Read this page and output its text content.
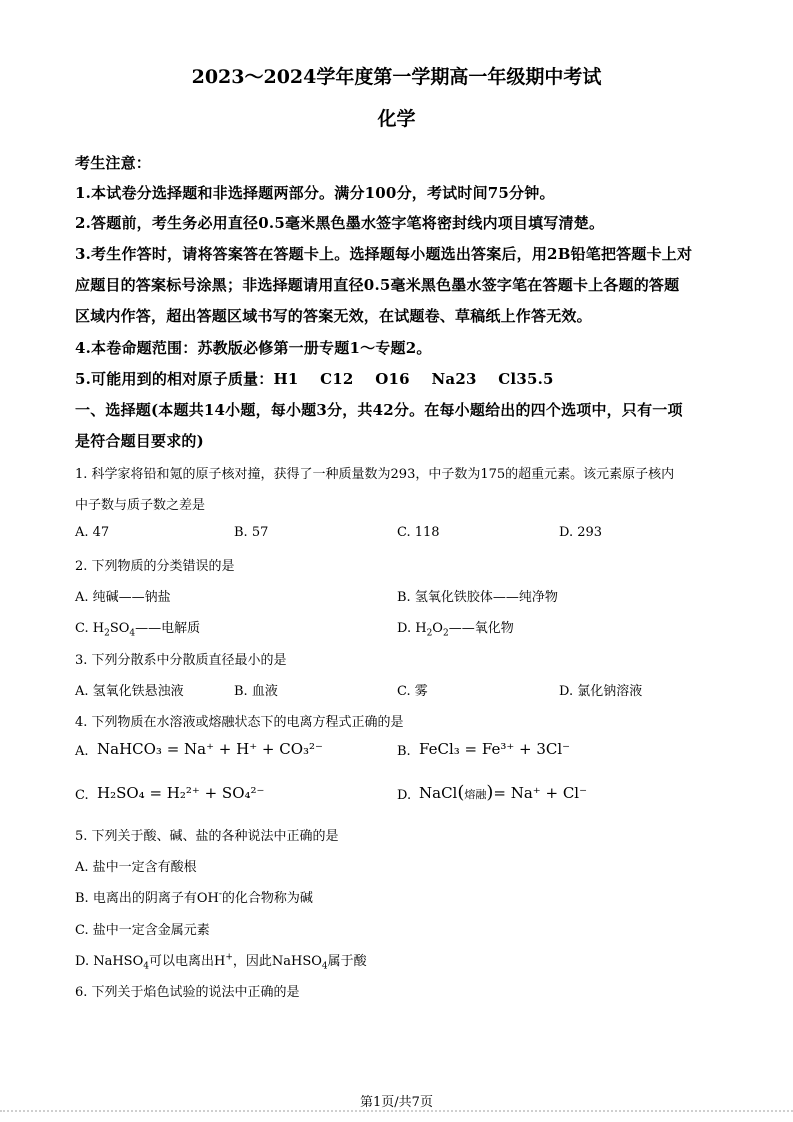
2023～2024学年度第一学期高一年级期中考试
化学
考生注意：
1.本试卷分选择题和非选择题两部分。满分100分，考试时间75分钟。
2.答题前，考生务必用直径0.5毫米黑色墨水签字笔将密封线内项目填写清楚。
3.考生作答时，请将答案答在答题卡上。选择题每小题选出答案后，用2B铅笔把答题卡上对
应题目的答案标号涂黑；非选择题请用直径0.5毫米黑色墨水签字笔在答题卡上各题的答题
区域内作答，超出答题区域书写的答案无效，在试题卷、草稿纸上作答无效。
4.本卷命题范围：苏教版必修第一册专题1～专题2。
5.可能用到的相对原子质量：H1    C12    O16    Na23    Cl35.5
一、选择题(本题共14小题，每小题3分，共42分。在每小题给出的四个选项中，只有一项
是符合题目要求的)
1. 科学家将铅和氪的原子核对撞，获得了一种质量数为293，中子数为175的超重元素。该元素原子核内
中子数与质子数之差是
A. 47	B. 57	C. 118	D. 293
2. 下列物质的分类错误的是
A. 纯碱——钠盐	B. 氢氧化铁胶体——纯净物
C. $H_2SO_4——$电解质	D. $H_2O_2——$氧化物
3. 下列分散系中分散质直径最小的是
A. 氢氧化铁悬浊液	B. 血液	C. 雾	D. 氯化钠溶液
4. 下列物质在水溶液或熔融状态下的电离方程式正确的是
A. NaHCO₃ = Na⁺ + H⁺ + CO₃²⁻	B. FeCl₃ = Fe³⁺ + 3Cl⁻
C. H₂SO₄ = H₂²⁺ + SO₄²⁻	D. NaCl(熔融)= Na⁺ + Cl⁻
5. 下列关于酸、碱、盐的各种说法中正确的是
A. 盐中一定含有酸根
B. 电离出的阴离子有OH-的化合物称为碱
C. 盐中一定含金属元素
D. NaHSO$_4$可以电离出H+，因此NaHSO$_4$属于酸
6. 下列关于焰色试验的说法中正确的是
第1页/共7页
